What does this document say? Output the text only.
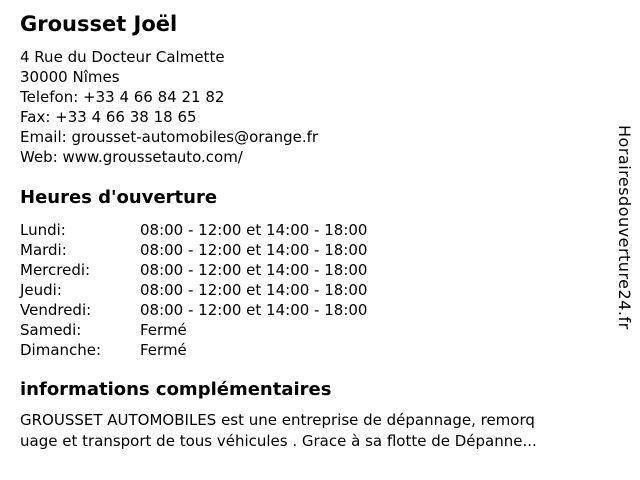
Grousset Joël
4 Rue du Docteur Calmette
30000 Nîmes
Telefon: +33 4 66 84 21 82
Fax: +33 4 66 38 18 65
Email: grousset-automobiles@orange.fr
Web: www.groussetauto.com/
Heures d'ouverture
Lundi:	08:00 - 12:00 et 14:00 - 18:00
Mardi:	08:00 - 12:00 et 14:00 - 18:00
Mercredi:	08:00 - 12:00 et 14:00 - 18:00
Jeudi:	08:00 - 12:00 et 14:00 - 18:00
Vendredi:	08:00 - 12:00 et 14:00 - 18:00
Samedi:	Fermé
Dimanche:	Fermé
informations complémentaires
GROUSSET AUTOMOBILES est une entreprise de dépannage, remorq
uage et transport de tous véhicules . Grace à sa flotte de Dépanne...
Horairesdouverture24.fr
